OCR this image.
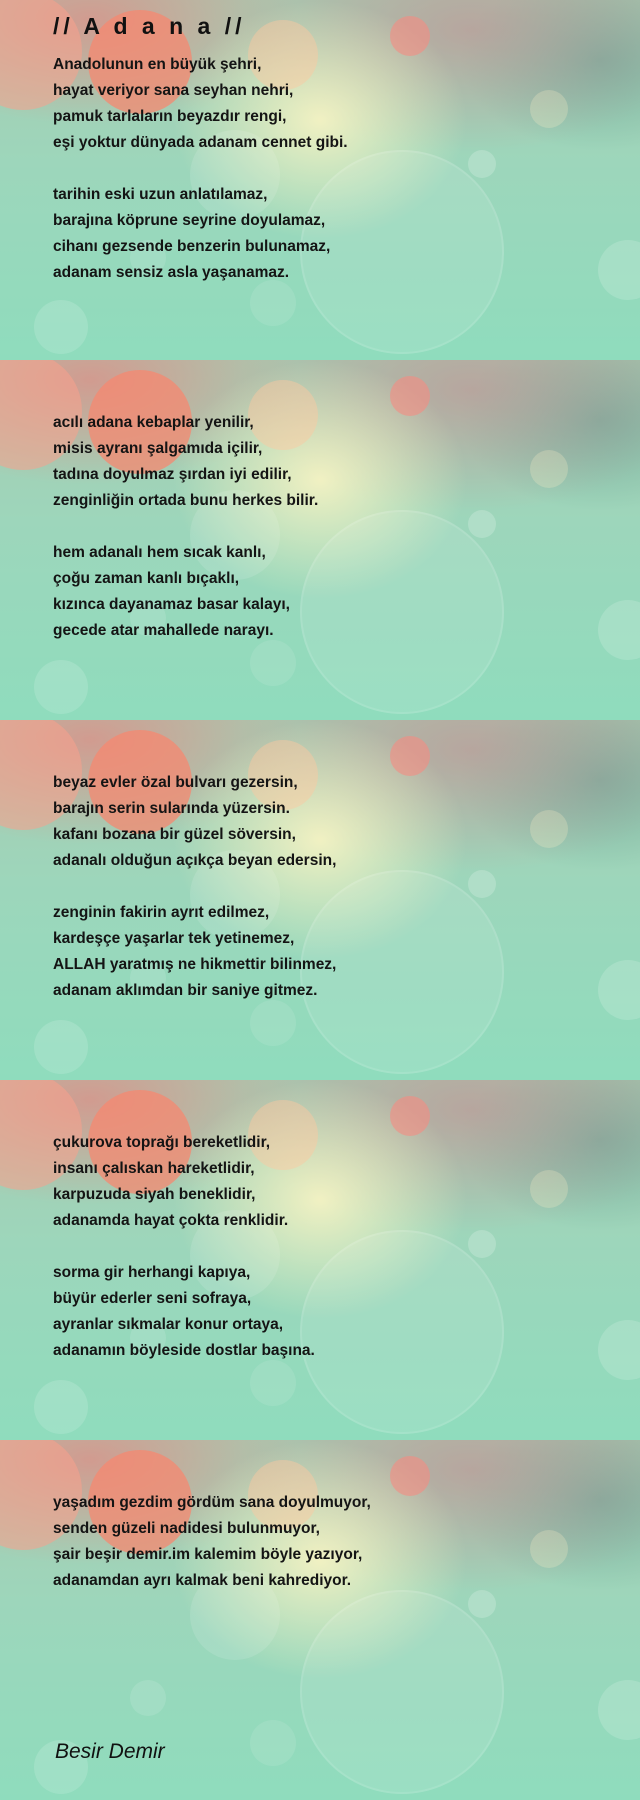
// A d a n a //
Anadolunun en büyük şehri,
hayat veriyor sana seyhan nehri,
pamuk tarlaların beyazdır rengi,
eşi yoktur dünyada adanam cennet gibi.
tarihin eski uzun anlatılamaz,
barajına köprune seyrine doyulamaz,
cihanı gezsende benzerin bulunamaz,
adanam sensiz asla yaşanamaz.
acılı adana kebaplar yenilir,
misis ayranı şalgamıda içilir,
tadına doyulmaz şırdan iyi edilir,
zenginliğin ortada bunu herkes bilir.
hem adanalı hem sıcak kanlı,
çoğu zaman kanlı bıçaklı,
kızınca dayanamaz basar kalayı,
gecede atar mahallede narayı.
beyaz evler özal bulvarı gezersin,
barajın serin sularında yüzersin.
kafanı bozana bir güzel söversin,
adanalı olduğun açıkça beyan edersin,
zenginin fakirin ayrıt edilmez,
kardeşçe yaşarlar tek yetinemez,
ALLAH yaratmış ne hikmettir bilinmez,
adanam aklımdan bir saniye gitmez.
çukurova toprağı bereketlidir,
insanı çalıskan hareketlidir,
karpuzuda siyah beneklidir,
adanamda hayat çokta renklidir.
sorma gir herhangi kapıya,
büyür ederler seni sofraya,
ayranlar sıkmalar konur ortaya,
adanamın böyleside dostlar başına.
yaşadım gezdim gördüm sana doyulmuyor,
senden güzeli nadidesi bulunmuyor,
şair beşir demir.im kalemim böyle yazıyor,
adanamdan ayrı kalmak beni kahrediyor.
Besir Demir
